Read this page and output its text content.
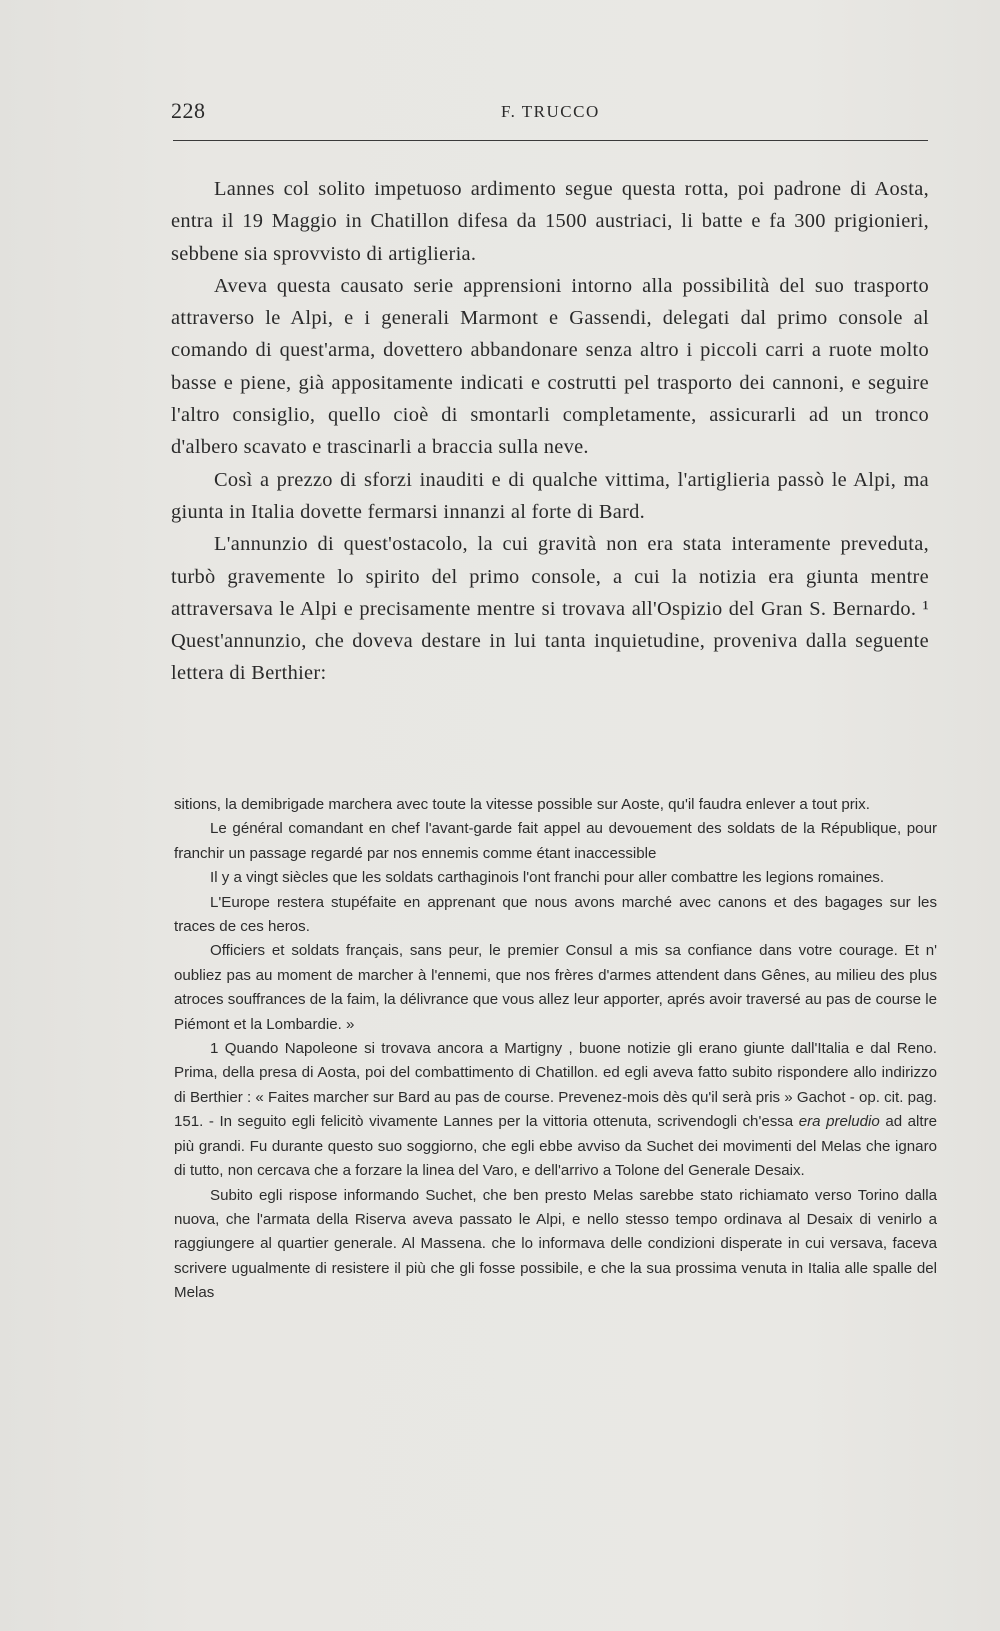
228	F. TRUCCO

Lannes col solito impetuoso ardimento segue questa rotta, poi padrone di Aosta, entra il 19 Maggio in Chatillon difesa da 1500 austriaci, li batte e fa 300 prigionieri, sebbene sia sprovvisto di artiglieria.

Aveva questa causato serie apprensioni intorno alla possibilità del suo trasporto attraverso le Alpi, e i generali Marmont e Gassendi, delegati dal primo console al comando di quest'arma, dovettero abbandonare senza altro i piccoli carri a ruote molto basse e piene, già appositamente indicati e costrutti pel trasporto dei cannoni, e seguire l'altro consiglio, quello cioè di smontarli completamente, assicurarli ad un tronco d'albero scavato e trascinarli a braccia sulla neve.

Così a prezzo di sforzi inauditi e di qualche vittima, l'artiglieria passò le Alpi, ma giunta in Italia dovette fermarsi innanzi al forte di Bard.

L'annunzio di quest'ostacolo, la cui gravità non era stata interamente preveduta, turbò gravemente lo spirito del primo console, a cui la notizia era giunta mentre attraversava le Alpi e precisamente mentre si trovava all'Ospizio del Gran S. Bernardo. ¹ Quest'annunzio, che doveva destare in lui tanta inquietudine, proveniva dalla seguente lettera di Berthier:

sitions, la demibrigade marchera avec toute la vitesse possible sur Aoste, qu'il faudra enlever a tout prix.

Le général comandant en chef l'avant-garde fait appel au devouement des soldats de la République, pour franchir un passage regardé par nos ennemis comme étant inaccessible

Il y a vingt siècles que les soldats carthaginois l'ont franchi pour aller combattre les legions romaines.

L'Europe restera stupéfaite en apprenant que nous avons marché avec canons et des bagages sur les traces de ces heros.

Officiers et soldats français, sans peur, le premier Consul a mis sa confiance dans votre courage. Et n' oubliez pas au moment de marcher à l'ennemi, que nos frères d'armes attendent dans Gênes, au milieu des plus atroces souffrances de la faim, la délivrance que vous allez leur apporter, aprés avoir traversé au pas de course le Piémont et la Lombardie. »

1 Quando Napoleone si trovava ancora a Martigny , buone notizie gli erano giunte dall'Italia e dal Reno. Prima, della presa di Aosta, poi del combattimento di Chatillon. ed egli aveva fatto subito rispondere allo indirizzo di Berthier : « Faites marcher sur Bard au pas de course. Prevenez-mois dès qu'il serà pris » Gachot - op. cit. pag. 151. - In seguito egli felicitò vivamente Lannes per la vittoria ottenuta, scrivendogli ch'essa era preludio ad altre più grandi. Fu durante questo suo soggiorno, che egli ebbe avviso da Suchet dei movimenti del Melas che ignaro di tutto, non cercava che a forzare la linea del Varo, e dell'arrivo a Tolone del Generale Desaix.

Subito egli rispose informando Suchet, che ben presto Melas sarebbe stato richiamato verso Torino dalla nuova, che l'armata della Riserva aveva passato le Alpi, e nello stesso tempo ordinava al Desaix di venirlo a raggiungere al quartier generale. Al Massena. che lo informava delle condizioni disperate in cui versava, faceva scrivere ugualmente di resistere il più che gli fosse possibile, e che la sua prossima venuta in Italia alle spalle del Melas
